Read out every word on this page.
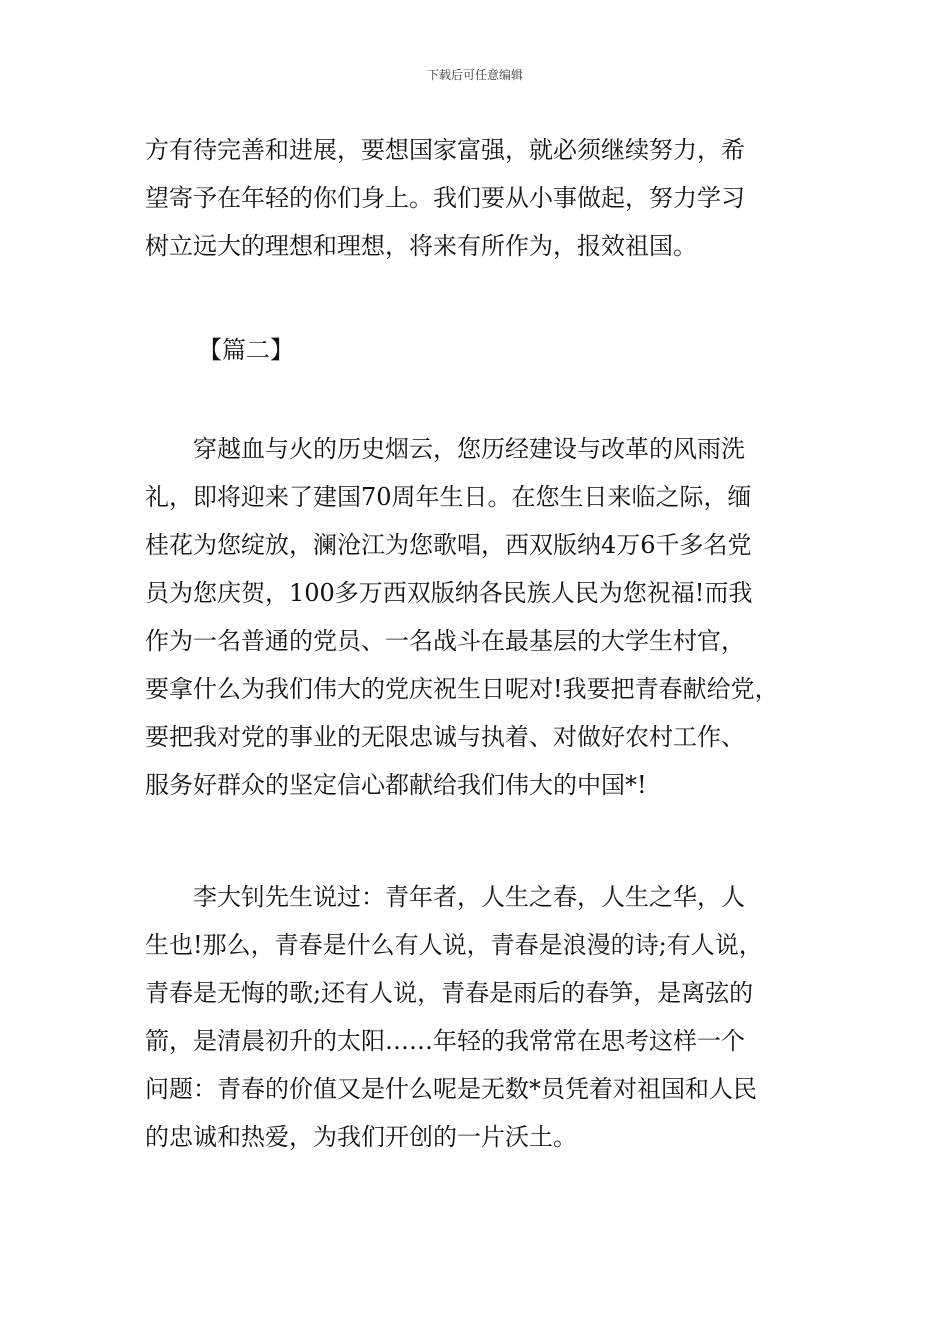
下载后可任意编辑

方有待完善和进展，要想国家富强，就必须继续努力，希
望寄予在年轻的你们身上。我们要从小事做起，努力学习
树立远大的理想和理想，将来有所作为，报效祖国。

【篇二】

　　穿越血与火的历史烟云，您历经建设与改革的风雨洗
礼，即将迎来了建国70周年生日。在您生日来临之际，缅
桂花为您绽放，澜沧江为您歌唱，西双版纳4万6千多名党
员为您庆贺，100多万西双版纳各民族人民为您祝福!而我
作为一名普通的党员、一名战斗在最基层的大学生村官，
要拿什么为我们伟大的党庆祝生日呢对!我要把青春献给党，
要把我对党的事业的无限忠诚与执着、对做好农村工作、
服务好群众的坚定信心都献给我们伟大的中国*!

　　李大钊先生说过：青年者，人生之春，人生之华，人
生也!那么，青春是什么有人说，青春是浪漫的诗;有人说，
青春是无悔的歌;还有人说，青春是雨后的春笋，是离弦的
箭，是清晨初升的太阳……年轻的我常常在思考这样一个
问题：青春的价值又是什么呢是无数*员凭着对祖国和人民
的忠诚和热爱，为我们开创的一片沃土。
